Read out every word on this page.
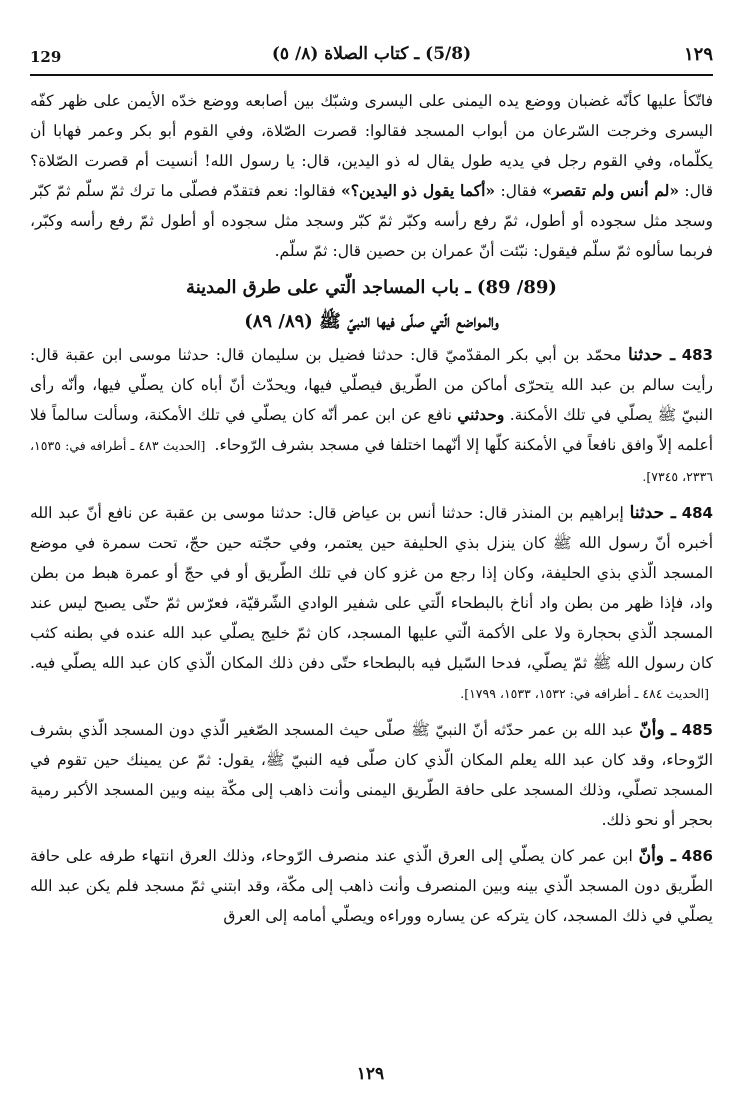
129	(5/8) ـ كتاب الصلاة (٨/ ٥)	١٢٩

فاتّكأ عليها كأنّه غضبان ووضع يده اليمنى على اليسرى وشبّك بين أصابعه ووضع خدّه الأيمن على ظهر كفّه اليسرى وخرجت السّرعان من أبواب المسجد فقالوا: قصرت الصّلاة، وفي القوم أبو بكر وعمر فهابا أن يكلّماه، وفي القوم رجل في يديه طول يقال له ذو اليدين، قال: يا رسول الله! أنسيت أم قصرت الصّلاة؟ قال: «لم أنس ولم تقصر» فقال: «أكما يقول ذو اليدين؟» فقالوا: نعم فتقدّم فصلّى ما ترك ثمّ سلّم ثمّ كبّر وسجد مثل سجوده أو أطول، ثمّ رفع رأسه وكبّر ثمّ كبّر وسجد مثل سجوده أو أطول ثمّ رفع رأسه وكبّر، فربما سألوه ثمّ سلّم فيقول: نبّئت أنّ عمران بن حصين قال: ثمّ سلّم.

(89/ 89) ـ باب المساجد الّتي على طرق المدينة
والمواضع الّتي صلّى فيها النبيّ ﷺ (٨٩/ ٨٩)

483 ـ حدثنا محمّد بن أبي بكر المقدّميّ قال: حدثنا فضيل بن سليمان قال: حدثنا موسى ابن عقبة قال: رأيت سالم بن عبد الله يتحرّى أماكن من الطّريق فيصلّي فيها، ويحدّث أنّ أباه كان يصلّي فيها، وأنّه رأى النبيّ ﷺ يصلّي في تلك الأمكنة. وحدثني نافع عن ابن عمر أنّه كان يصلّي في تلك الأمكنة، وسألت سالماً فلا أعلمه إلاّ وافق نافعاً في الأمكنة كلّها إلا أنّهما اختلفا في مسجد بشرف الرّوحاء. [الحديث ٤٨٣ ـ أطرافه في: ١٥٣٥، ٢٣٣٦، ٧٣٤٥].

484 ـ حدثنا إبراهيم بن المنذر قال: حدثنا أنس بن عياض قال: حدثنا موسى بن عقبة عن نافع أنّ عبد الله أخبره أنّ رسول الله ﷺ كان ينزل بذي الحليفة حين يعتمر، وفي حجّته حين حجّ، تحت سمرة في موضع المسجد الّذي بذي الحليفة، وكان إذا رجع من غزو كان في تلك الطّريق أو في حجّ أو عمرة هبط من بطن واد، فإذا ظهر من بطن واد أناخ بالبطحاء الّتي على شفير الوادي الشّرقيّة، فعرّس ثمّ حتّى يصبح ليس عند المسجد الّذي بحجارة ولا على الأكمة الّتي عليها المسجد، كان ثمّ خليج يصلّي عبد الله عنده في بطنه كثب كان رسول الله ﷺ ثمّ يصلّي، فدحا السّيل فيه بالبطحاء حتّى دفن ذلك المكان الّذي كان عبد الله يصلّي فيه. [الحديث ٤٨٤ ـ أطرافه في: ١٥٣٢، ١٥٣٣، ١٧٩٩].

485 ـ وأنّ عبد الله بن عمر حدّثه أنّ النبيّ ﷺ صلّى حيث المسجد الصّغير الّذي دون المسجد الّذي بشرف الرّوحاء، وقد كان عبد الله يعلم المكان الّذي كان صلّى فيه النبيّ ﷺ، يقول: ثمّ عن يمينك حين تقوم في المسجد تصلّي، وذلك المسجد على حافة الطّريق اليمنى وأنت ذاهب إلى مكّة بينه وبين المسجد الأكبر رمية بحجر أو نحو ذلك.

486 ـ وأنّ ابن عمر كان يصلّي إلى العرق الّذي عند منصرف الرّوحاء، وذلك العرق انتهاء طرفه على حافة الطّريق دون المسجد الّذي بينه وبين المنصرف وأنت ذاهب إلى مكّة، وقد ابتني ثمّ مسجد فلم يكن عبد الله يصلّي في ذلك المسجد، كان يتركه عن يساره ووراءه ويصلّي أمامه إلى العرق

١٢٩
